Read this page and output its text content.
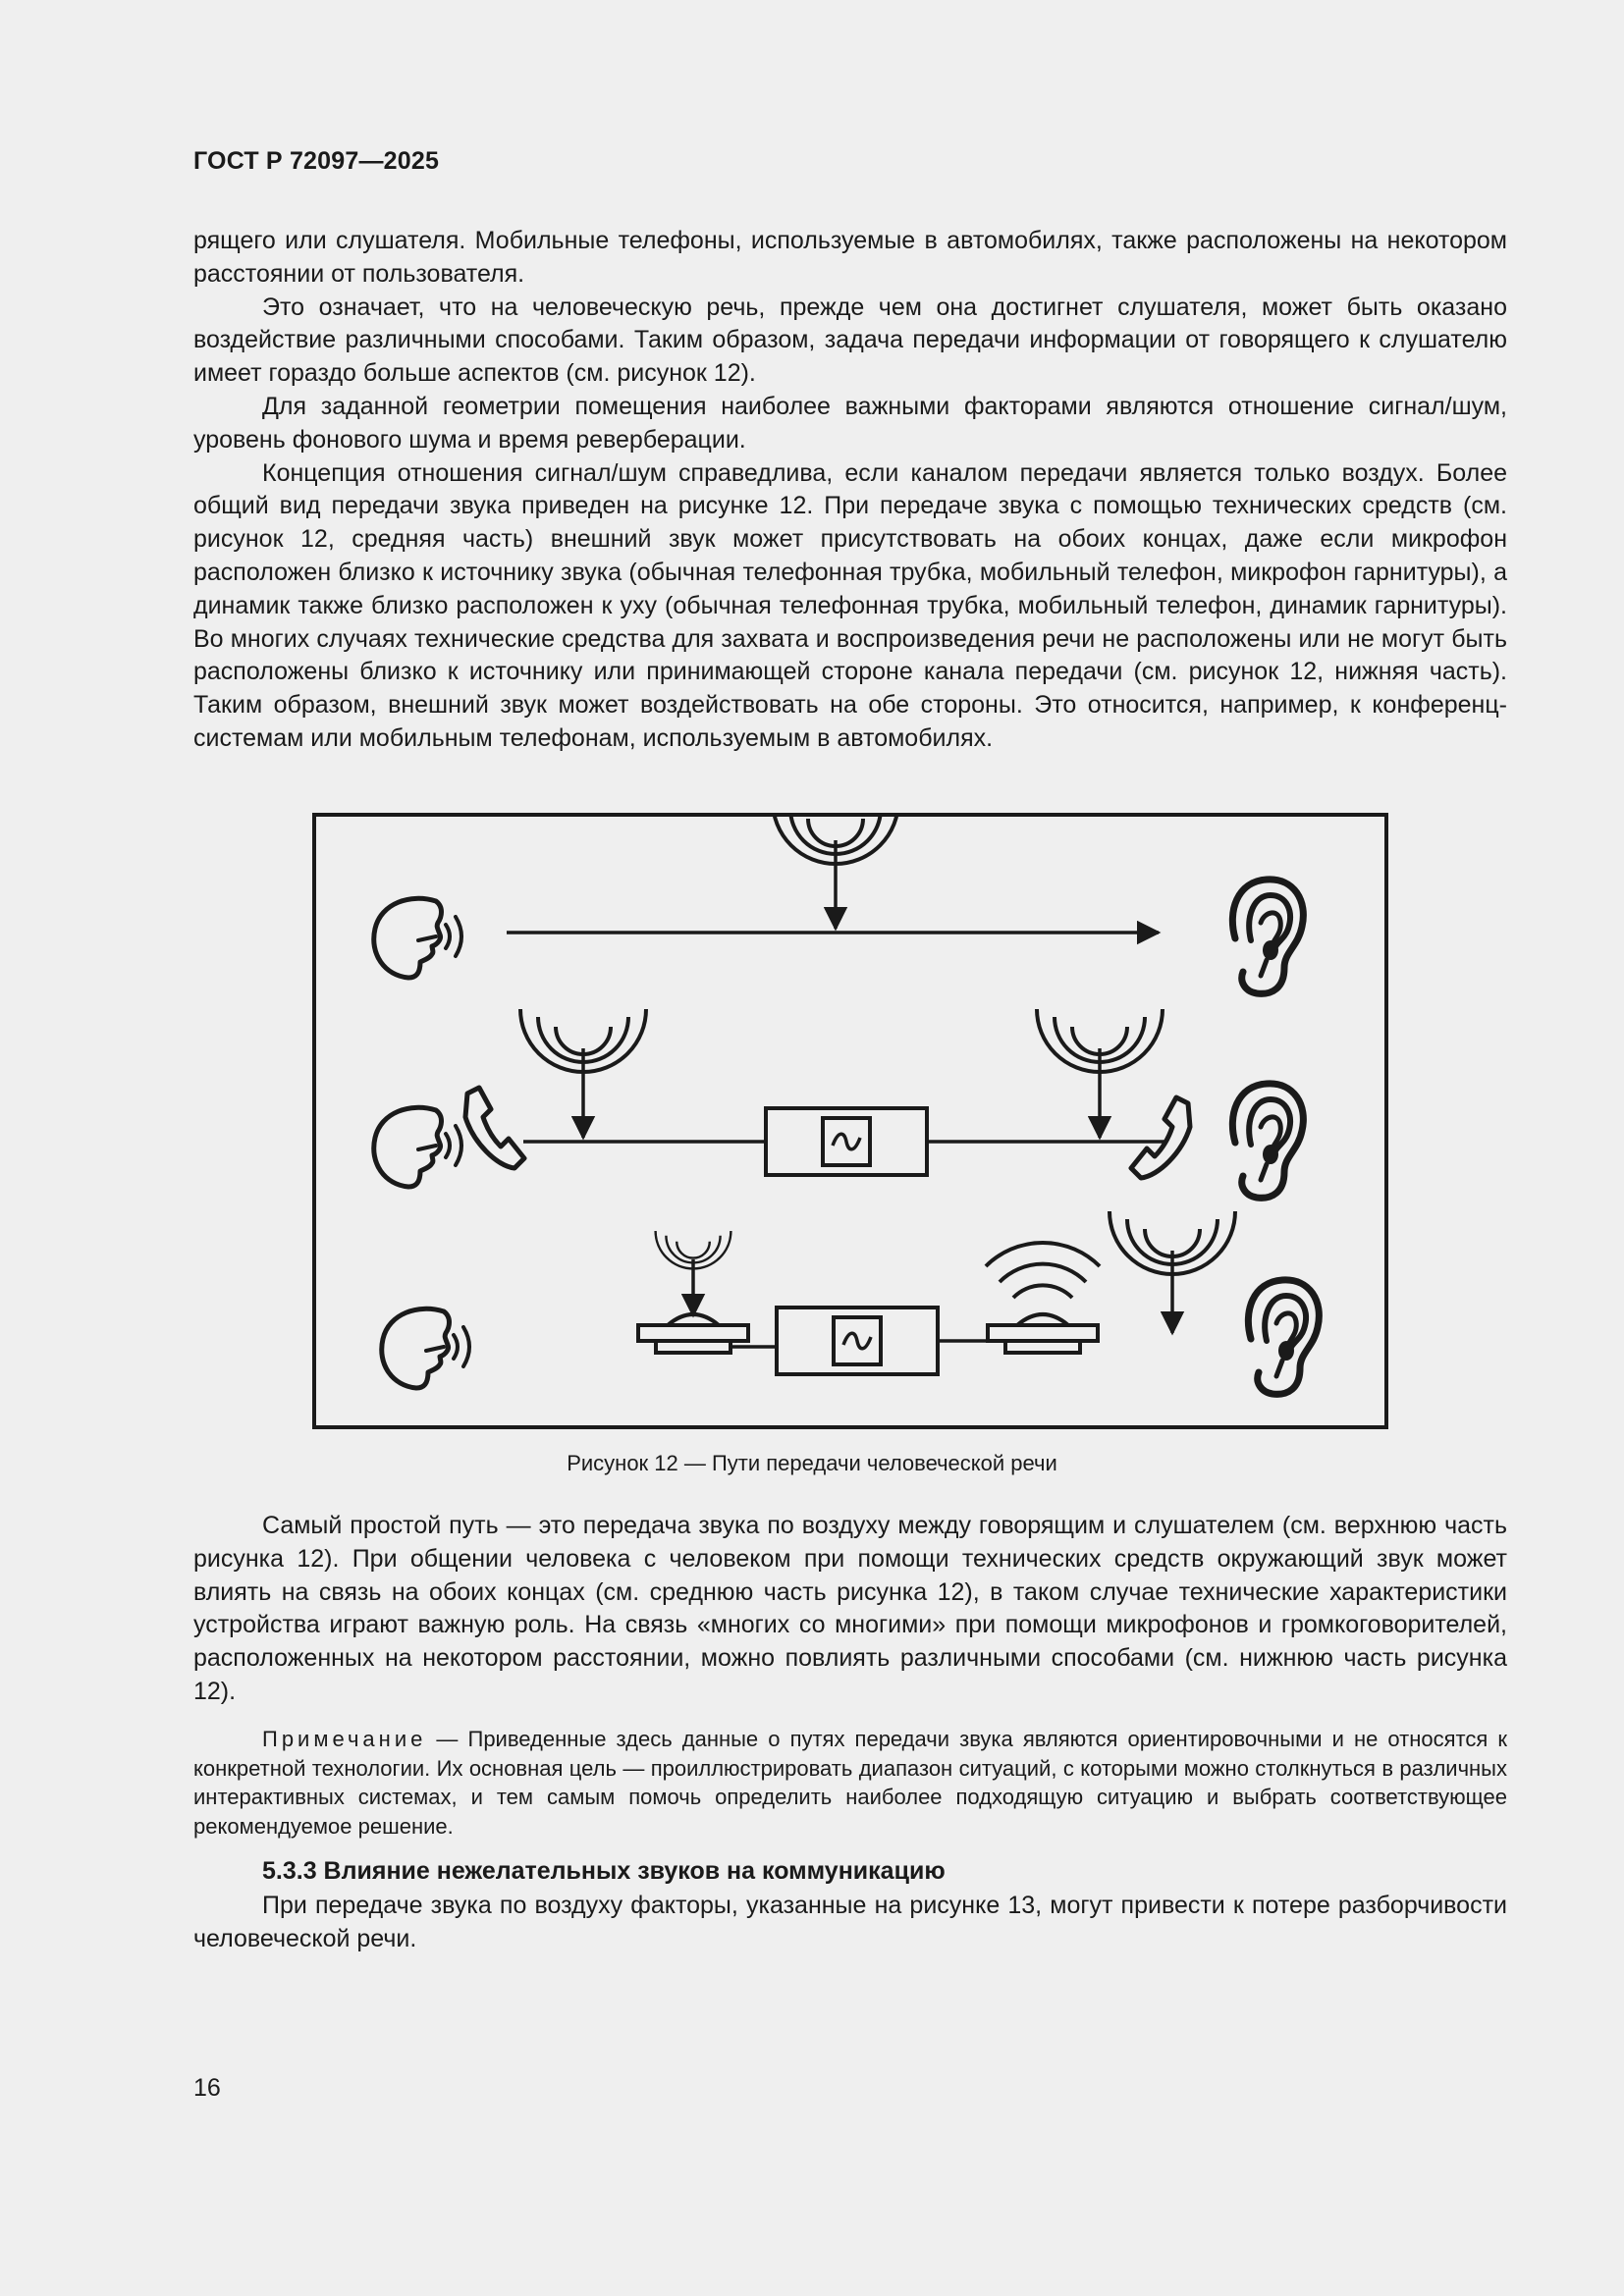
ГОСТ Р 72097—2025

рящего или слушателя. Мобильные телефоны, используемые в автомобилях, также расположены на некотором расстоянии от пользователя.

Это означает, что на человеческую речь, прежде чем она достигнет слушателя, может быть оказано воздействие различными способами. Таким образом, задача передачи информации от говорящего к слушателю имеет гораздо больше аспектов (см. рисунок 12).

Для заданной геометрии помещения наиболее важными факторами являются отношение сигнал/шум, уровень фонового шума и время реверберации.

Концепция отношения сигнал/шум справедлива, если каналом передачи является только воздух. Более общий вид передачи звука приведен на рисунке 12. При передаче звука с помощью технических средств (см. рисунок 12, средняя часть) внешний звук может присутствовать на обоих концах, даже если микрофон расположен близко к источнику звука (обычная телефонная трубка, мобильный телефон, микрофон гарнитуры), а динамик также близко расположен к уху (обычная телефонная трубка, мобильный телефон, динамик гарнитуры). Во многих случаях технические средства для захвата и воспроизведения речи не расположены или не могут быть расположены близко к источнику или принимающей стороне канала передачи (см. рисунок 12, нижняя часть). Таким образом, внешний звук может воздействовать на обе стороны. Это относится, например, к конференц-системам или мобильным телефонам, используемым в автомобилях.

Рисунок 12 — Пути передачи человеческой речи

Самый простой путь — это передача звука по воздуху между говорящим и слушателем (см. верхнюю часть рисунка 12). При общении человека с человеком при помощи технических средств окружающий звук может влиять на связь на обоих концах (см. среднюю часть рисунка 12), в таком случае технические характеристики устройства играют важную роль. На связь «многих со многими» при помощи микрофонов и громкоговорителей, расположенных на некотором расстоянии, можно повлиять различными способами (см. нижнюю часть рисунка 12).

Примечание — Приведенные здесь данные о путях передачи звука являются ориентировочными и не относятся к конкретной технологии. Их основная цель — проиллюстрировать диапазон ситуаций, с которыми можно столкнуться в различных интерактивных системах, и тем самым помочь определить наиболее подходящую ситуацию и выбрать соответствующее рекомендуемое решение.

5.3.3 Влияние нежелательных звуков на коммуникацию

При передаче звука по воздуху факторы, указанные на рисунке 13, могут привести к потере разборчивости человеческой речи.

16
